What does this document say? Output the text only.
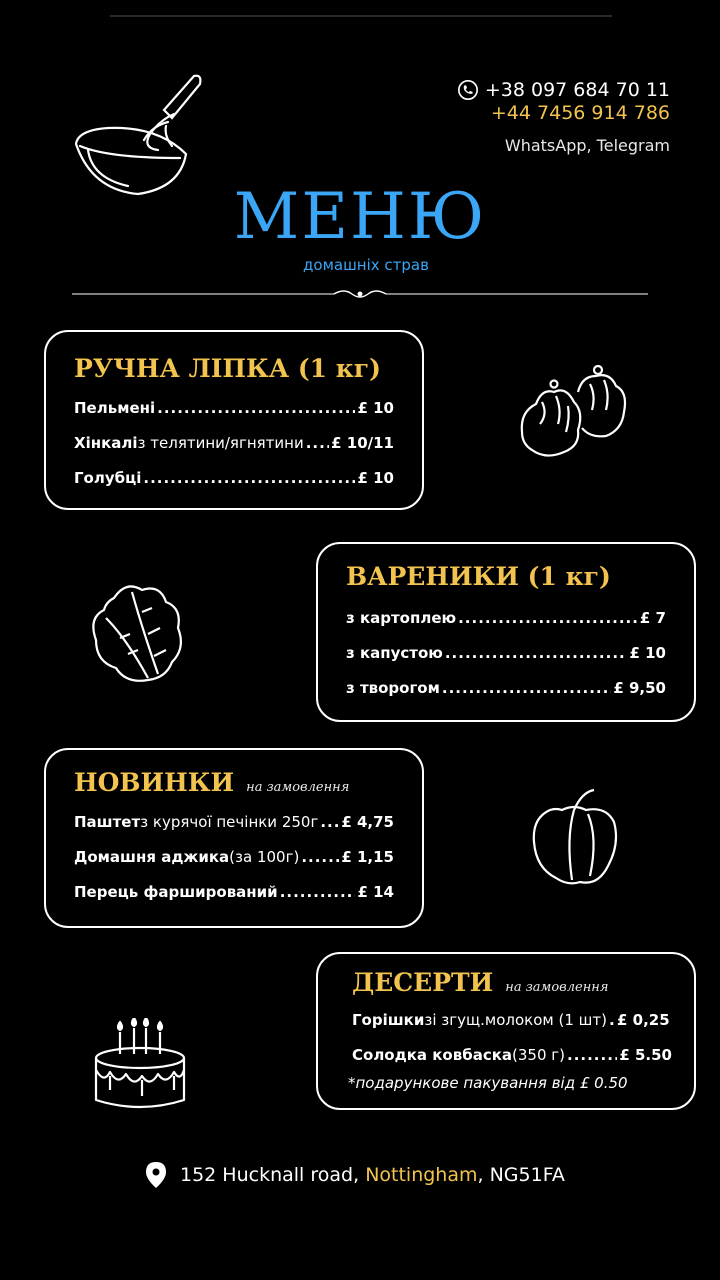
+38 097 684 70 11
+44 7456 914 786
WhatsApp, Telegram
МЕНЮ
домашніх страв
РУЧНА ЛІПКА (1 кг)
Пельмені .....	£ 10
Хінкалі з телятини/ягнятини ..... £ 10/11
Голубці .....	£ 10
ВАРЕНИКИ (1 кг)
з картоплею .....	£ 7
з капустою .....	£ 10
з творогом .....	£ 9,50
НОВИНКИ на замовлення
Паштет з курячої печінки 250г ..... £ 4,75
Домашня аджика (за 100г) .....	£ 1,15
Перець фарширований .....	£ 14
ДЕСЕРТИ на замовлення
Горішки зі згущ.молоком (1 шт) ..... £ 0,25
Солодка ковбаска (350 г) .....	£ 5.50
*подарункове пакування від £ 0.50
152 Hucknall road, Nottingham, NG51FA
